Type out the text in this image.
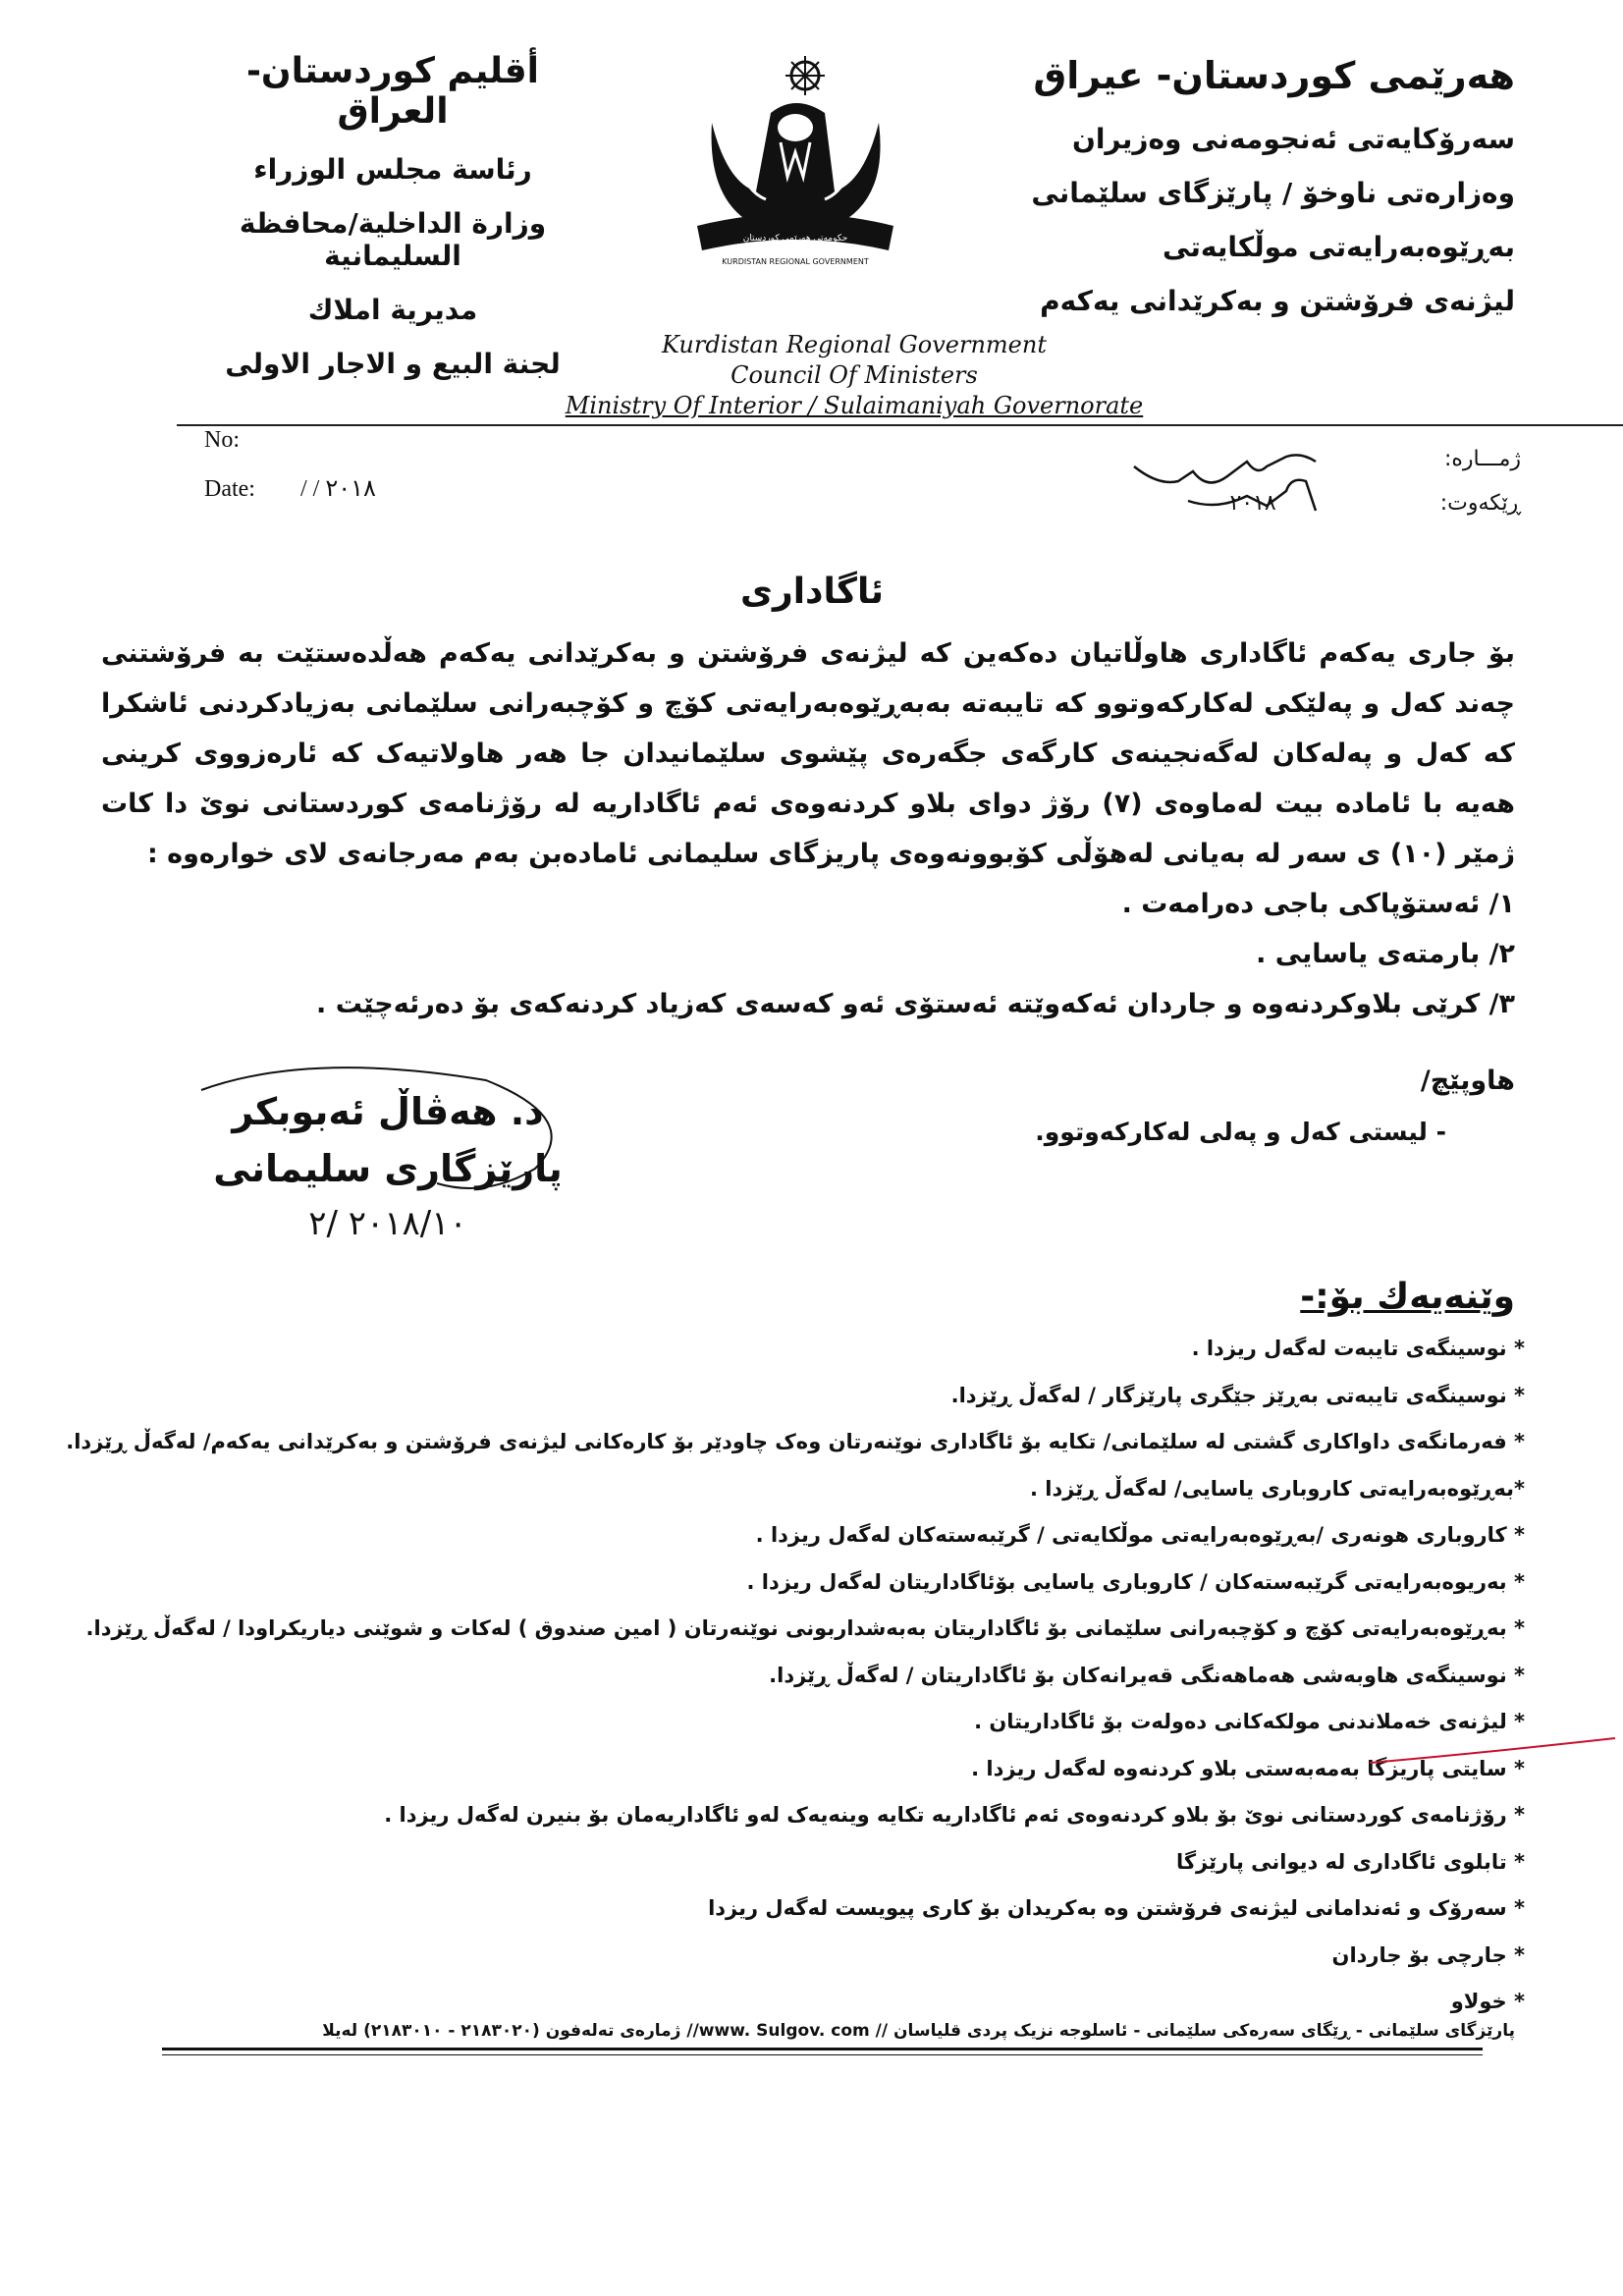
هەرێمی کوردستان- عیراق
سەرۆکایەتی ئەنجومەنی وەزیران
وەزارەتی ناوخۆ / پارێزگای سلێمانی
بەڕێوەبەرایەتی موڵکایەتی
لیژنەی فرۆشتن و بەکرێدانی یەکەم
حکومەتی هەرێمی کوردستان
حكومة اقليم كوردستان
KURDISTAN REGIONAL GOVERNMENT
أقليم كوردستان- العراق
رئاسة مجلس الوزراء
وزارة الداخلية/محافظة السليمانية
مديرية املاك
لجنة البيع و الاجار الاولى
Kurdistan Regional Government
Council Of Ministers
Ministry Of Interior / Sulaimaniyah Governorate
No:
Date: / / ٢٠١٨
ژمـــارە:
ڕێکەوت: ٢٠١٨
ئاگاداری

بۆ جاری یەکەم ئاگاداری هاوڵاتیان دەکەین کە لیژنەی فرۆشتن و بەکرێدانی یەکەم هەڵدەستێت بە فرۆشتنی چەند کەل و پەلێکی لەکارکەوتوو کە تایبەتە بەبەڕێوەبەرایەتی کۆچ و کۆچبەرانی سلێمانی بەزیادکردنی ئاشکرا کە کەل و پەلەکان لەگەنجینەی کارگەی جگەرەی پێشوی سلێمانیدان جا هەر هاولاتیەک کە ئارەزووی کرینی هەیە با ئامادە بیت لەماوەی (٧) رۆژ دوای بلاو کردنەوەی ئەم ئاگاداریە لە رۆژنامەی کوردستانی نوێ دا کات ژمێر (١٠) ی سەر لە بەیانی لەهۆڵی کۆبوونەوەی پاریزگای سلیمانی ئامادەبن بەم مەرجانەی لای خوارەوە :

١/ ئەستۆپاکی باجی دەرامەت .

٢/ بارمتەی یاسایی .

٣/ کرێی بلاوکردنەوە و جاردان ئەکەوێتە ئەستۆی ئەو کەسەی کەزیاد کردنەکەی بۆ دەرئەچێت .

هاوپێچ/
- لیستی کەل و پەلی لەکارکەوتوو.
د. هەڤاڵ ئەبوبکر
پارێزگاری سلیمانی
٢٠١٨/١٠ /٢
وێنەیەك بۆ:-
* نوسینگەی تایبەت لەگەل ریزدا .
* نوسینگەی تایبەتی بەڕێز جێگری پارێزگار / لەگەڵ ڕێزدا.
* فەرمانگەی داواکاری گشتی لە سلێمانی/ تکایە بۆ ئاگاداری نوێنەرتان وەک چاودێر بۆ کارەکانی لیژنەی فرۆشتن و بەکرێدانی یەکەم/ لەگەڵ ڕێزدا.
*بەڕێوەبەرایەتی کاروباری یاسایی/ لەگەڵ ڕێزدا .
* کاروباری هونەری /بەڕێوەبەرایەتی موڵکایەتی / گرێبەستەکان لەگەل ریزدا .
* بەریوەبەرایەتی گرێبەستەکان / کاروباری یاسایی بۆئاگاداریتان لەگەل ریزدا .
* بەڕێوەبەرایەتی کۆچ و کۆچبەرانی سلێمانی بۆ ئاگاداریتان بەبەشداربونی نوێنەرتان ( امین صندوق ) لەکات و شوێنی دیاریکراودا / لەگەڵ ڕێزدا.
* نوسینگەی هاوبەشی هەماهەنگی قەیرانەکان بۆ ئاگاداریتان / لەگەڵ ڕێزدا.
* لیژنەی خەملاندنی مولکەکانی دەولەت بۆ ئاگاداریتان .
* سایتی پاریزگا بەمەبەستی بلاو کردنەوە لەگەل ریزدا .
* رۆژنامەی کوردستانی نوێ بۆ بلاو کردنەوەی ئەم ئاگاداریە تکایە وینەیەک لەو ئاگاداریەمان بۆ بنیرن لەگەل ریزدا .
* تابلوی ئاگاداری لە دیوانی پارێزگا
* سەرۆک و ئەندامانی لیژنەی فرۆشتن وە بەکریدان بۆ کاری پیویست لەگەل ریزدا
* جارچی بۆ جاردان
* خولاو
پارێزگای سلێمانی - ڕێگای سەرەکی سلێمانی - ئاسلوجە نزیک پردی قلیاسان // www. Sulgov. com// ژمارەی تەلەفون (٢١٨٣٠٢٠ - ٢١٨٣٠١٠) لەیلا
